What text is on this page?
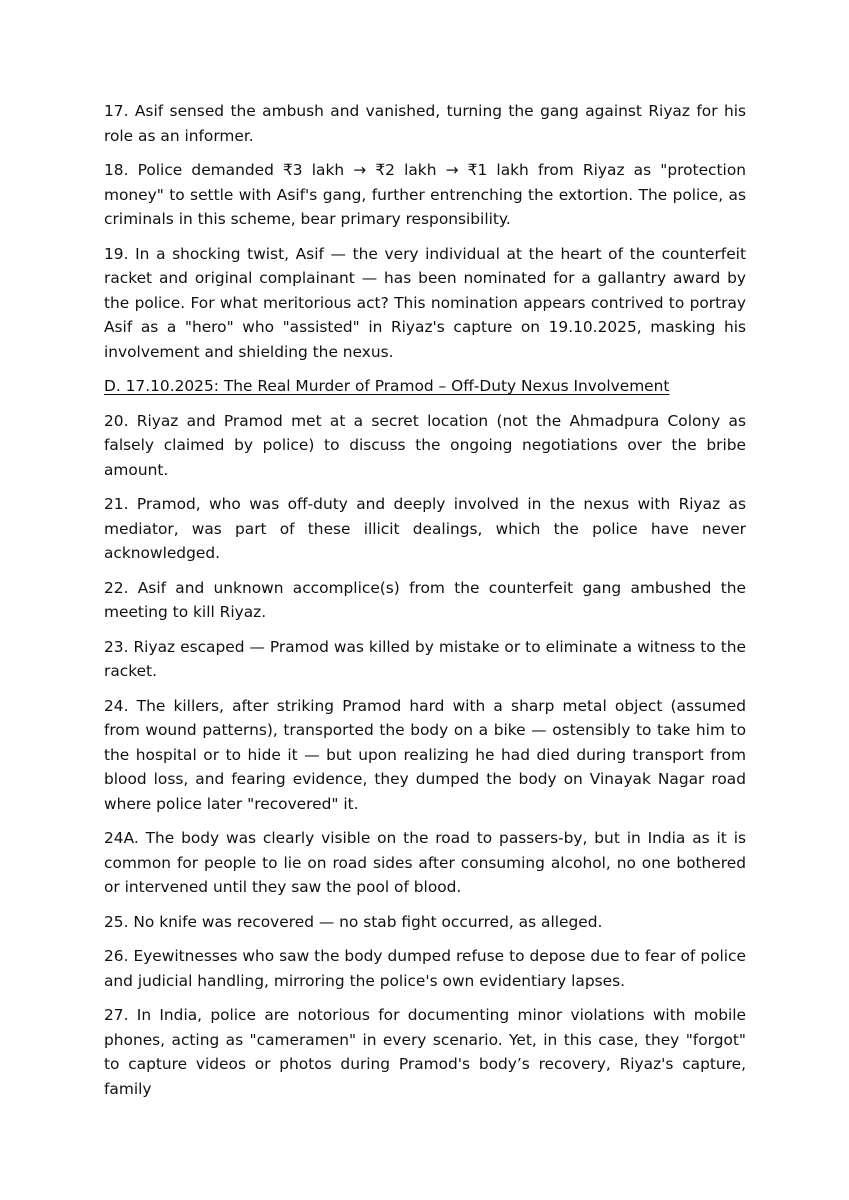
17. Asif sensed the ambush and vanished, turning the gang against Riyaz for his role as an informer.

18. Police demanded ₹3 lakh → ₹2 lakh → ₹1 lakh from Riyaz as "protection money" to settle with Asif's gang, further entrenching the extortion. The police, as criminals in this scheme, bear primary responsibility.

19. In a shocking twist, Asif — the very individual at the heart of the counterfeit racket and original complainant — has been nominated for a gallantry award by the police. For what meritorious act? This nomination appears contrived to portray Asif as a "hero" who "assisted" in Riyaz's capture on 19.10.2025, masking his involvement and shielding the nexus.

D. 17.10.2025: The Real Murder of Pramod – Off-Duty Nexus Involvement

20. Riyaz and Pramod met at a secret location (not the Ahmadpura Colony as falsely claimed by police) to discuss the ongoing negotiations over the bribe amount.

21. Pramod, who was off-duty and deeply involved in the nexus with Riyaz as mediator, was part of these illicit dealings, which the police have never acknowledged.

22. Asif and unknown accomplice(s) from the counterfeit gang ambushed the meeting to kill Riyaz.

23. Riyaz escaped — Pramod was killed by mistake or to eliminate a witness to the racket.

24. The killers, after striking Pramod hard with a sharp metal object (assumed from wound patterns), transported the body on a bike — ostensibly to take him to the hospital or to hide it — but upon realizing he had died during transport from blood loss, and fearing evidence, they dumped the body on Vinayak Nagar road where police later "recovered" it.

24A. The body was clearly visible on the road to passers-by, but in India as it is common for people to lie on road sides after consuming alcohol, no one bothered or intervened until they saw the pool of blood.

25. No knife was recovered — no stab fight occurred, as alleged.

26. Eyewitnesses who saw the body dumped refuse to depose due to fear of police and judicial handling, mirroring the police's own evidentiary lapses.

27. In India, police are notorious for documenting minor violations with mobile phones, acting as "cameramen" in every scenario. Yet, in this case, they "forgot" to capture videos or photos during Pramod's body’s recovery, Riyaz's capture, family
